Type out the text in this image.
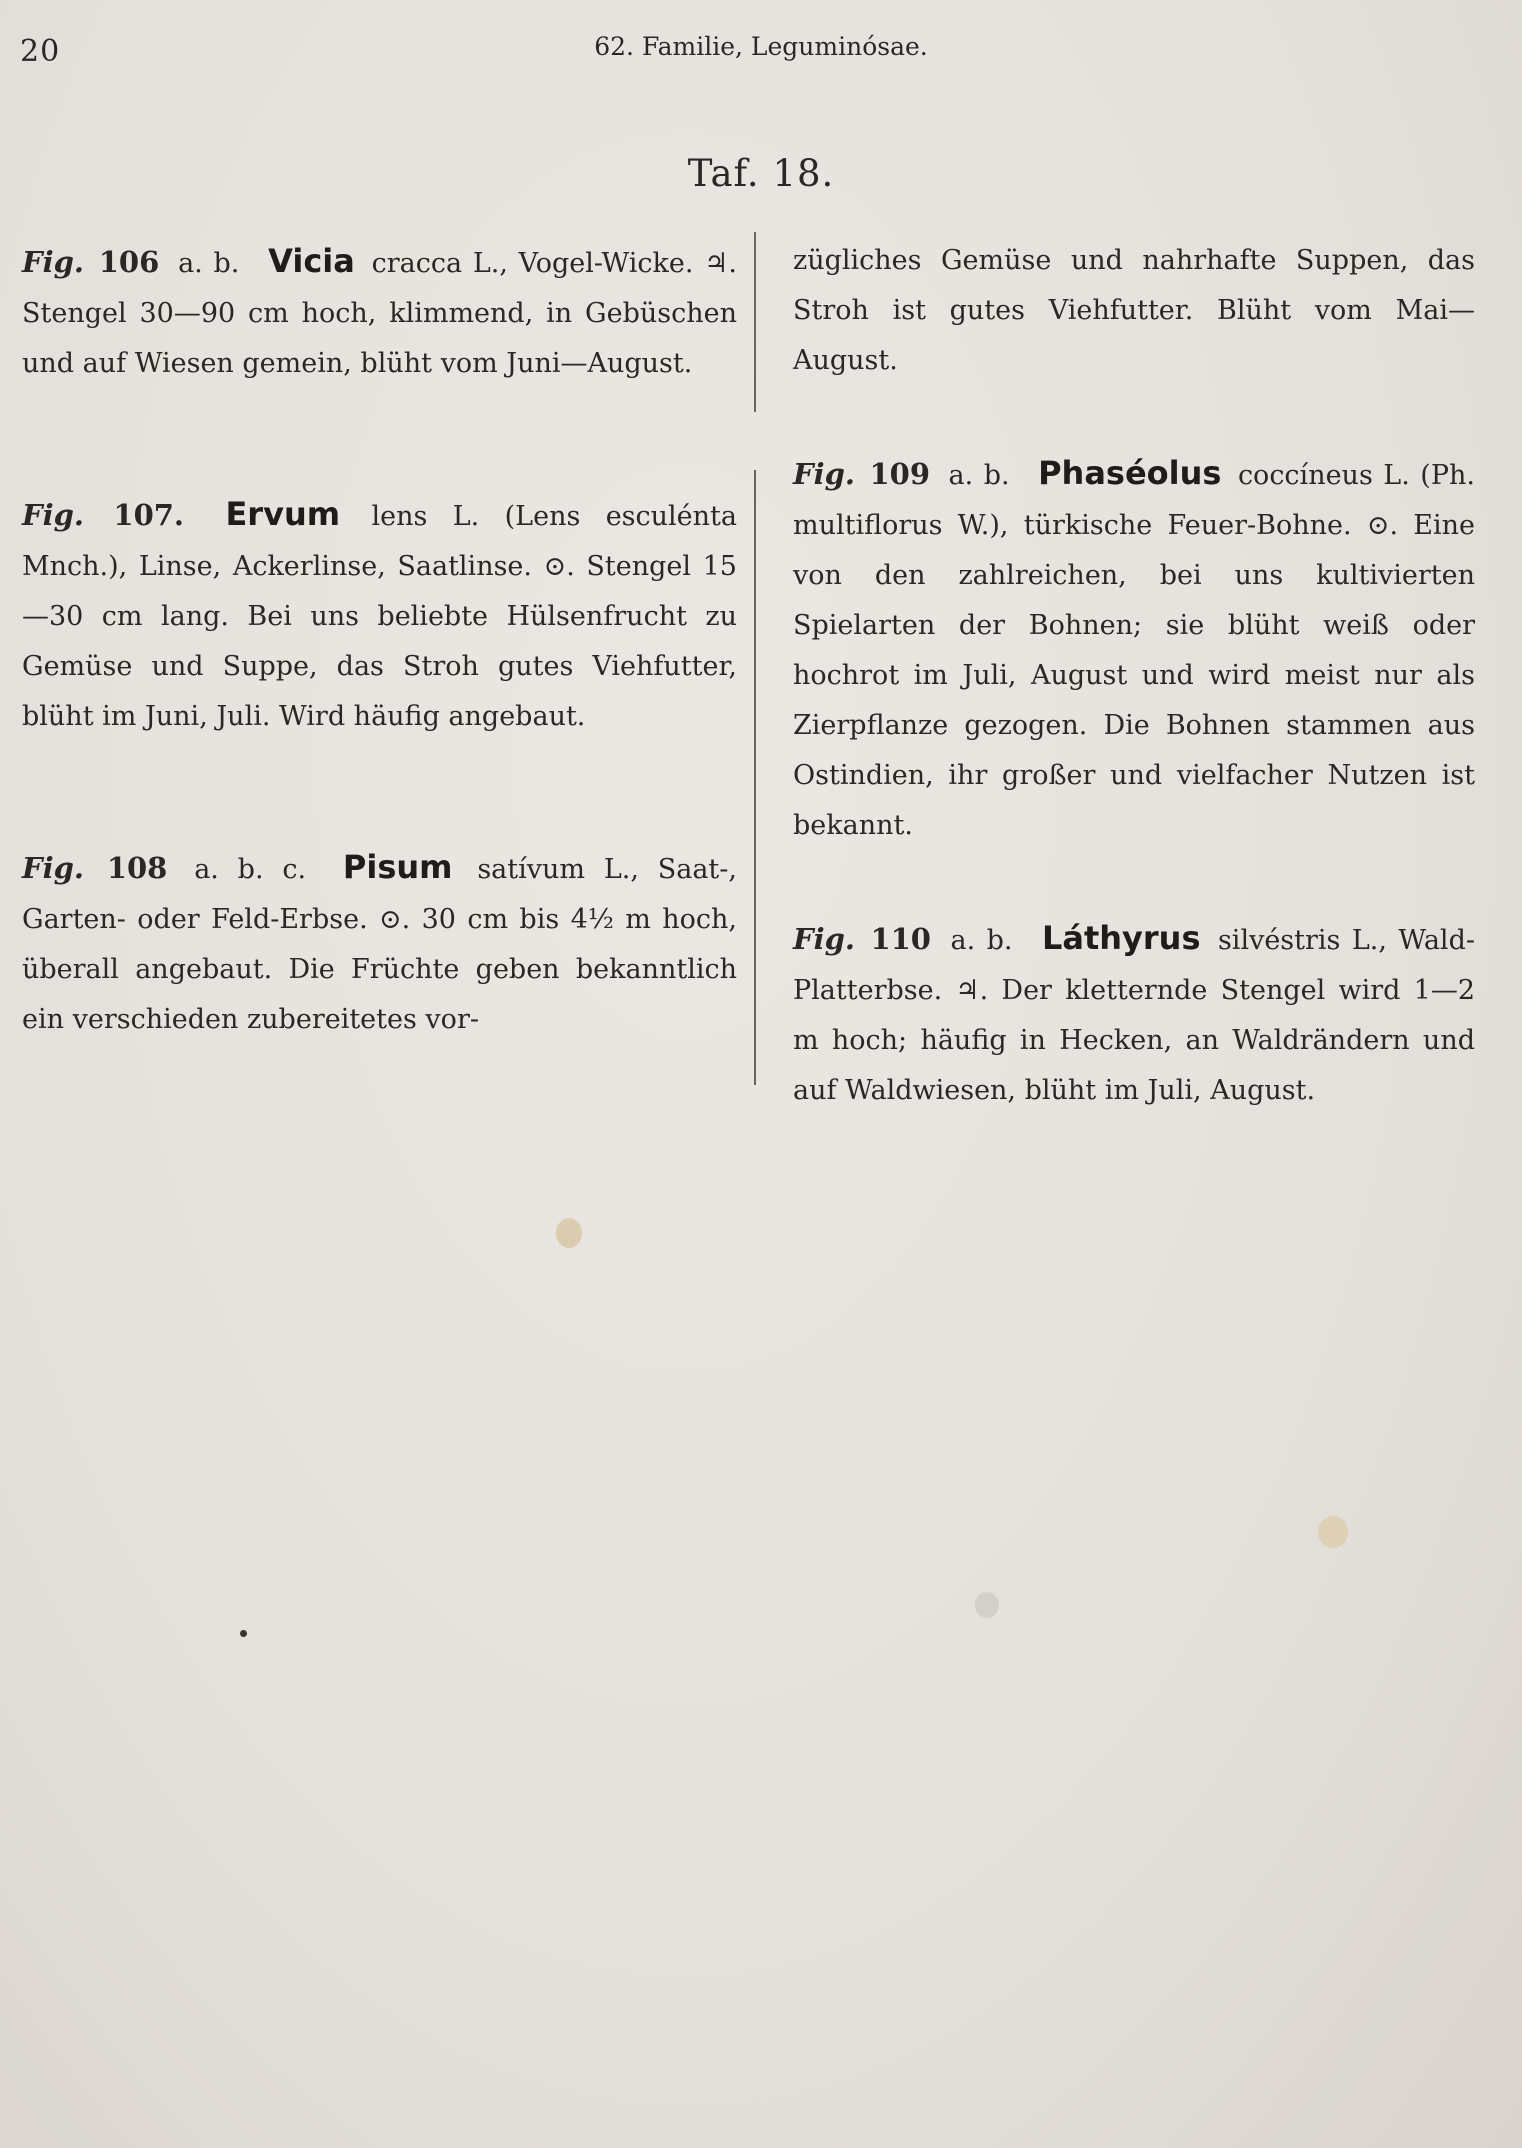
20	62. Familie, Leguminósae.
Taf. 18.

Fig. 106 a. b. Vicia cracca L., Vogel-Wicke. ♃. Stengel 30—90 cm hoch, klimmend, in Gebüschen und auf Wiesen gemein, blüht vom Juni—August.

Fig. 107. Ervum lens L. (Lens esculénta Mnch.), Linse, Ackerlinse, Saatlinse. ⊙. Stengel 15—30 cm lang. Bei uns beliebte Hülsenfrucht zu Gemüse und Suppe, das Stroh gutes Viehfutter, blüht im Juni, Juli. Wird häufig angebaut.

Fig. 108 a. b. c. Pisum satívum L., Saat-, Garten- oder Feld-Erbse. ⊙. 30 cm bis 4½ m hoch, überall angebaut. Die Früchte geben bekanntlich ein verschieden zubereitetes vor-

zügliches Gemüse und nahrhafte Suppen, das Stroh ist gutes Viehfutter. Blüht vom Mai—August.

Fig. 109 a. b. Phaséolus coccíneus L. (Ph. multiflorus W.), türkische Feuer-Bohne. ⊙. Eine von den zahlreichen, bei uns kultivierten Spielarten der Bohnen; sie blüht weiß oder hochrot im Juli, August und wird meist nur als Zierpflanze gezogen. Die Bohnen stammen aus Ostindien, ihr großer und vielfacher Nutzen ist bekannt.

Fig. 110 a. b. Láthyrus silvéstris L., Wald-Platterbse. ♃. Der kletternde Stengel wird 1—2 m hoch; häufig in Hecken, an Waldrändern und auf Waldwiesen, blüht im Juli, August.
